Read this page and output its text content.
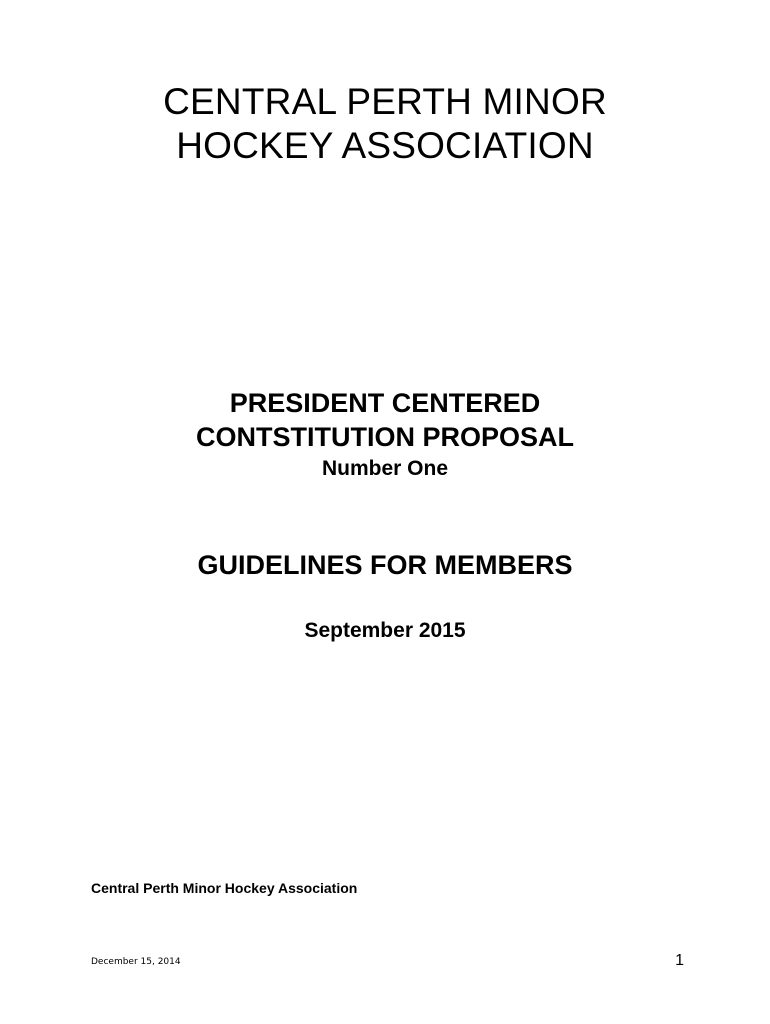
CENTRAL PERTH MINOR
HOCKEY ASSOCIATION
PRESIDENT CENTERED
CONTSTITUTION PROPOSAL
Number One
GUIDELINES FOR MEMBERS
September 2015
Central Perth Minor Hockey Association
December 15, 2014	1
